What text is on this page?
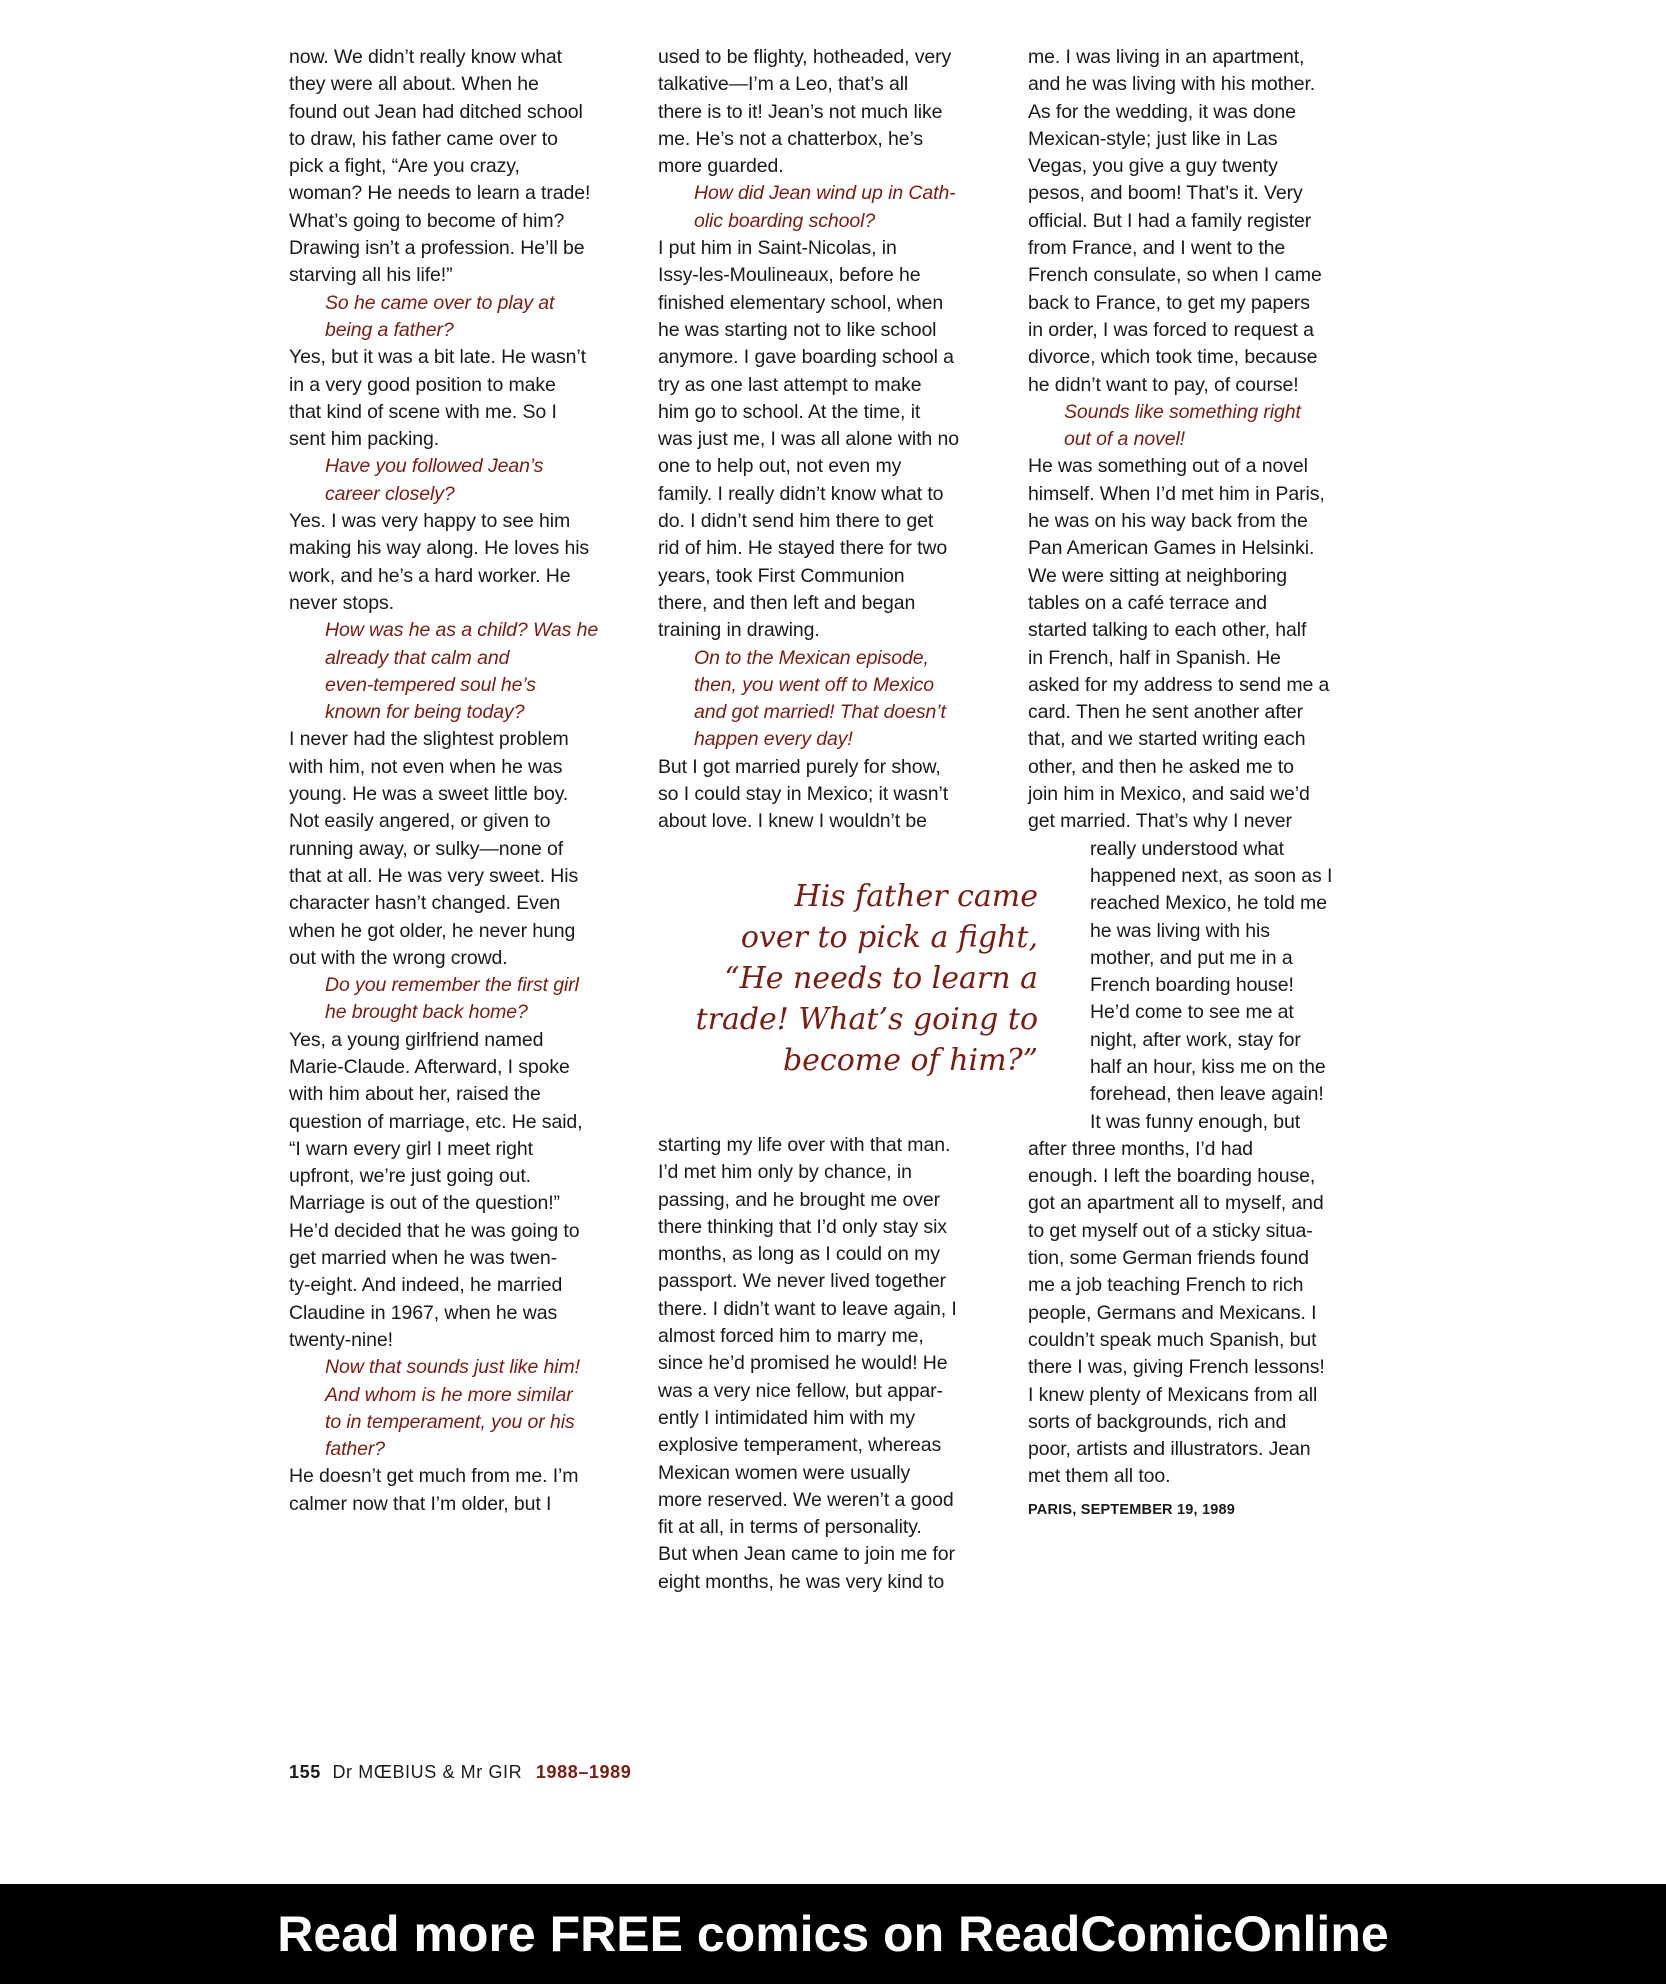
now. We didn’t really know what

they were all about. When he

found out Jean had ditched school

to draw, his father came over to

pick a fight, “Are you crazy,

woman? He needs to learn a trade!

What’s going to become of him?

Drawing isn’t a profession. He’ll be

starving all his life!”

So he came over to play at

being a father?

Yes, but it was a bit late. He wasn’t

in a very good position to make

that kind of scene with me. So I

sent him packing.

Have you followed Jean’s

career closely?

Yes. I was very happy to see him

making his way along. He loves his

work, and he’s a hard worker. He

never stops.

How was he as a child? Was he

already that calm and

even-tempered soul he’s

known for being today?

I never had the slightest problem

with him, not even when he was

young. He was a sweet little boy.

Not easily angered, or given to

running away, or sulky—none of

that at all. He was very sweet. His

character hasn’t changed. Even

when he got older, he never hung

out with the wrong crowd.

Do you remember the first girl

he brought back home?

Yes, a young girlfriend named

Marie-Claude. Afterward, I spoke

with him about her, raised the

question of marriage, etc. He said,

“I warn every girl I meet right

upfront, we’re just going out.

Marriage is out of the question!”

He’d decided that he was going to

get married when he was twen-

ty-eight. And indeed, he married

Claudine in 1967, when he was

twenty-nine!

Now that sounds just like him!

And whom is he more similar

to in temperament, you or his

father?

He doesn’t get much from me. I’m

calmer now that I’m older, but I

used to be flighty, hotheaded, very

talkative—I’m a Leo, that’s all

there is to it! Jean’s not much like

me. He’s not a chatterbox, he’s

more guarded.

How did Jean wind up in Cath-

olic boarding school?

I put him in Saint-Nicolas, in

Issy-les-Moulineaux, before he

finished elementary school, when

he was starting not to like school

anymore. I gave boarding school a

try as one last attempt to make

him go to school. At the time, it

was just me, I was all alone with no

one to help out, not even my

family. I really didn’t know what to

do. I didn’t send him there to get

rid of him. He stayed there for two

years, took First Communion

there, and then left and began

training in drawing.

On to the Mexican episode,

then, you went off to Mexico

and got married! That doesn’t

happen every day!

But I got married purely for show,

so I could stay in Mexico; it wasn’t

about love. I knew I wouldn’t be

starting my life over with that man.

I’d met him only by chance, in

passing, and he brought me over

there thinking that I’d only stay six

months, as long as I could on my

passport. We never lived together

there. I didn’t want to leave again, I

almost forced him to marry me,

since he’d promised he would! He

was a very nice fellow, but appar-

ently I intimidated him with my

explosive temperament, whereas

Mexican women were usually

more reserved. We weren’t a good

fit at all, in terms of personality.

But when Jean came to join me for

eight months, he was very kind to

His father came
over to pick a fight,
“He needs to learn a
trade! What’s going to
become of him?”

me. I was living in an apartment,

and he was living with his mother.

As for the wedding, it was done

Mexican-style; just like in Las

Vegas, you give a guy twenty

pesos, and boom! That’s it. Very

official. But I had a family register

from France, and I went to the

French consulate, so when I came

back to France, to get my papers

in order, I was forced to request a

divorce, which took time, because

he didn’t want to pay, of course!

Sounds like something right

out of a novel!

He was something out of a novel

himself. When I’d met him in Paris,

he was on his way back from the

Pan American Games in Helsinki.

We were sitting at neighboring

tables on a café terrace and

started talking to each other, half

in French, half in Spanish. He

asked for my address to send me a

card. Then he sent another after

that, and we started writing each

other, and then he asked me to

join him in Mexico, and said we’d

get married. That’s why I never

really understood what

happened next, as soon as I

reached Mexico, he told me

he was living with his

mother, and put me in a

French boarding house!

He’d come to see me at

night, after work, stay for

half an hour, kiss me on the

forehead, then leave again!

It was funny enough, but

after three months, I’d had

enough. I left the boarding house,

got an apartment all to myself, and

to get myself out of a sticky situa-

tion, some German friends found

me a job teaching French to rich

people, Germans and Mexicans. I

couldn’t speak much Spanish, but

there I was, giving French lessons!

I knew plenty of Mexicans from all

sorts of backgrounds, rich and

poor, artists and illustrators. Jean

met them all too.

PARIS, SEPTEMBER 19, 1989
155 Dr MŒBIUS & Mr GIR 1988–1989
Read more FREE comics on ReadComicOnline
